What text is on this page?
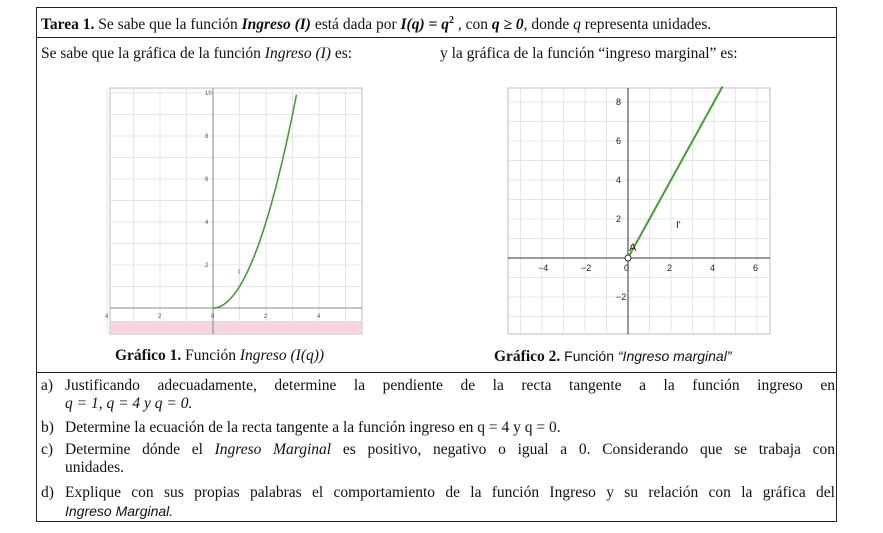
Tarea 1. Se sabe que la función Ingreso (I) está dada por $I(q) = q^2$ , con q ≥ 0, donde q representa unidades.
Se sabe que la gráfica de la función Ingreso (I) es:	y la gráfica de la función “ingreso marginal” es:
4	2	0	2	4
10
8
6
4
2
I
Gráfico 1. Función Ingreso (I(q))
−4	−2	0	2	4	6
8
6
4
2
−2
A
I'
Gráfico 2. Función “Ingreso marginal”
a) Justificando adecuadamente, determine la pendiente de la recta tangente a la función ingreso en
q = 1, q = 4 y q = 0.
b) Determine la ecuación de la recta tangente a la función ingreso en q = 4 y q = 0.
c) Determine dónde el Ingreso Marginal es positivo, negativo o igual a 0. Considerando que se trabaja con
unidades.
d) Explique con sus propias palabras el comportamiento de la función Ingreso y su relación con la gráfica del
Ingreso Marginal.
